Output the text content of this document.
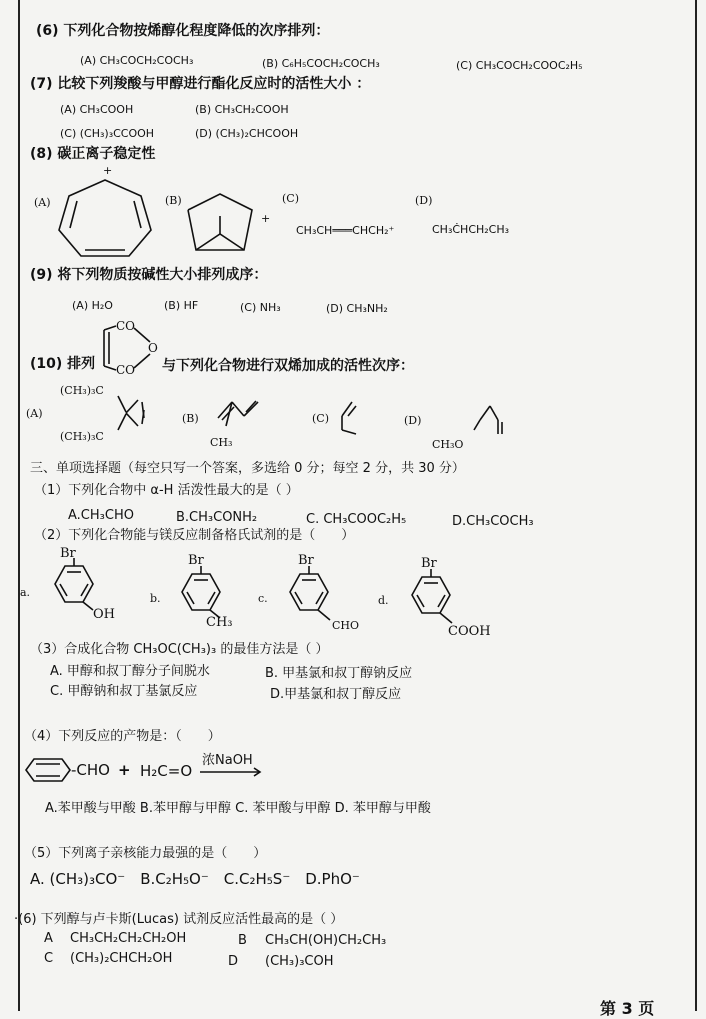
(6) 下列化合物按烯醇化程度降低的次序排列：
(A) CH₃COCH₂COCH₃	(B) C₆H₅COCH₂COCH₃	(C) CH₃COCH₂COOC₂H₅
(7) 比较下列羧酸与甲醇进行酯化反应时的活性大小 ：
(A) CH₃COOH	(B) CH₃CH₂COOH
(C) (CH₃)₃CCOOH	(D) (CH₃)₂CHCOOH
(8) 碳正离子稳定性
(A)
+
(B)
+
(C)
CH₃CH═══CHCH₂⁺
(D)
CH₃ĊHCH₂CH₃
(9) 将下列物质按碱性大小排列成序：
(A) H₂O	(B) HF	(C) NH₃	(D) CH₃NH₂
(10) 排列
CO
CO
O
与下列化合物进行双烯加成的活性次序：
(A)
(CH₃)₃C
(CH₃)₃C
(B)
CH₃
(C)	(D)
CH₃O
三、单项选择题（每空只写一个答案，多选给 0 分；每空 2 分，共 30 分）
（1）下列化合物中 α-H 活泼性最大的是（ ）
A.CH₃CHO	B.CH₃CONH₂	C. CH₃COOC₂H₅	D.CH₃COCH₃
（2）下列化合物能与镁反应制备格氏试剂的是（　　）
a.
Br
OH
b.
Br
CH₃
c.
Br
CHO
d.
Br
COOH
（3）合成化合物 CH₃OC(CH₃)₃ 的最佳方法是（ ）
A. 甲醇和叔丁醇分子间脱水	B. 甲基氯和叔丁醇钠反应
C. 甲醇钠和叔丁基氯反应	D.甲基氯和叔丁醇反应
（4）下列反应的产物是：（　　）
-CHO + H₂C=O
浓NaOH
A.苯甲酸与甲酸 B.苯甲醇与甲醇 C. 苯甲酸与甲醇 D. 苯甲醇与甲酸
（5）下列离子亲核能力最强的是（　　）
A. (CH₃)₃CO⁻　B.C₂H₅O⁻　C.C₂H₅S⁻　D.PhO⁻
·(6) 下列醇与卢卡斯(Lucas) 试剂反应活性最高的是（ ）
A CH₃CH₂CH₂CH₂OH	B CH₃CH(OH)CH₂CH₃
C (CH₃)₂CHCH₂OH	D (CH₃)₃COH
第 3 页
